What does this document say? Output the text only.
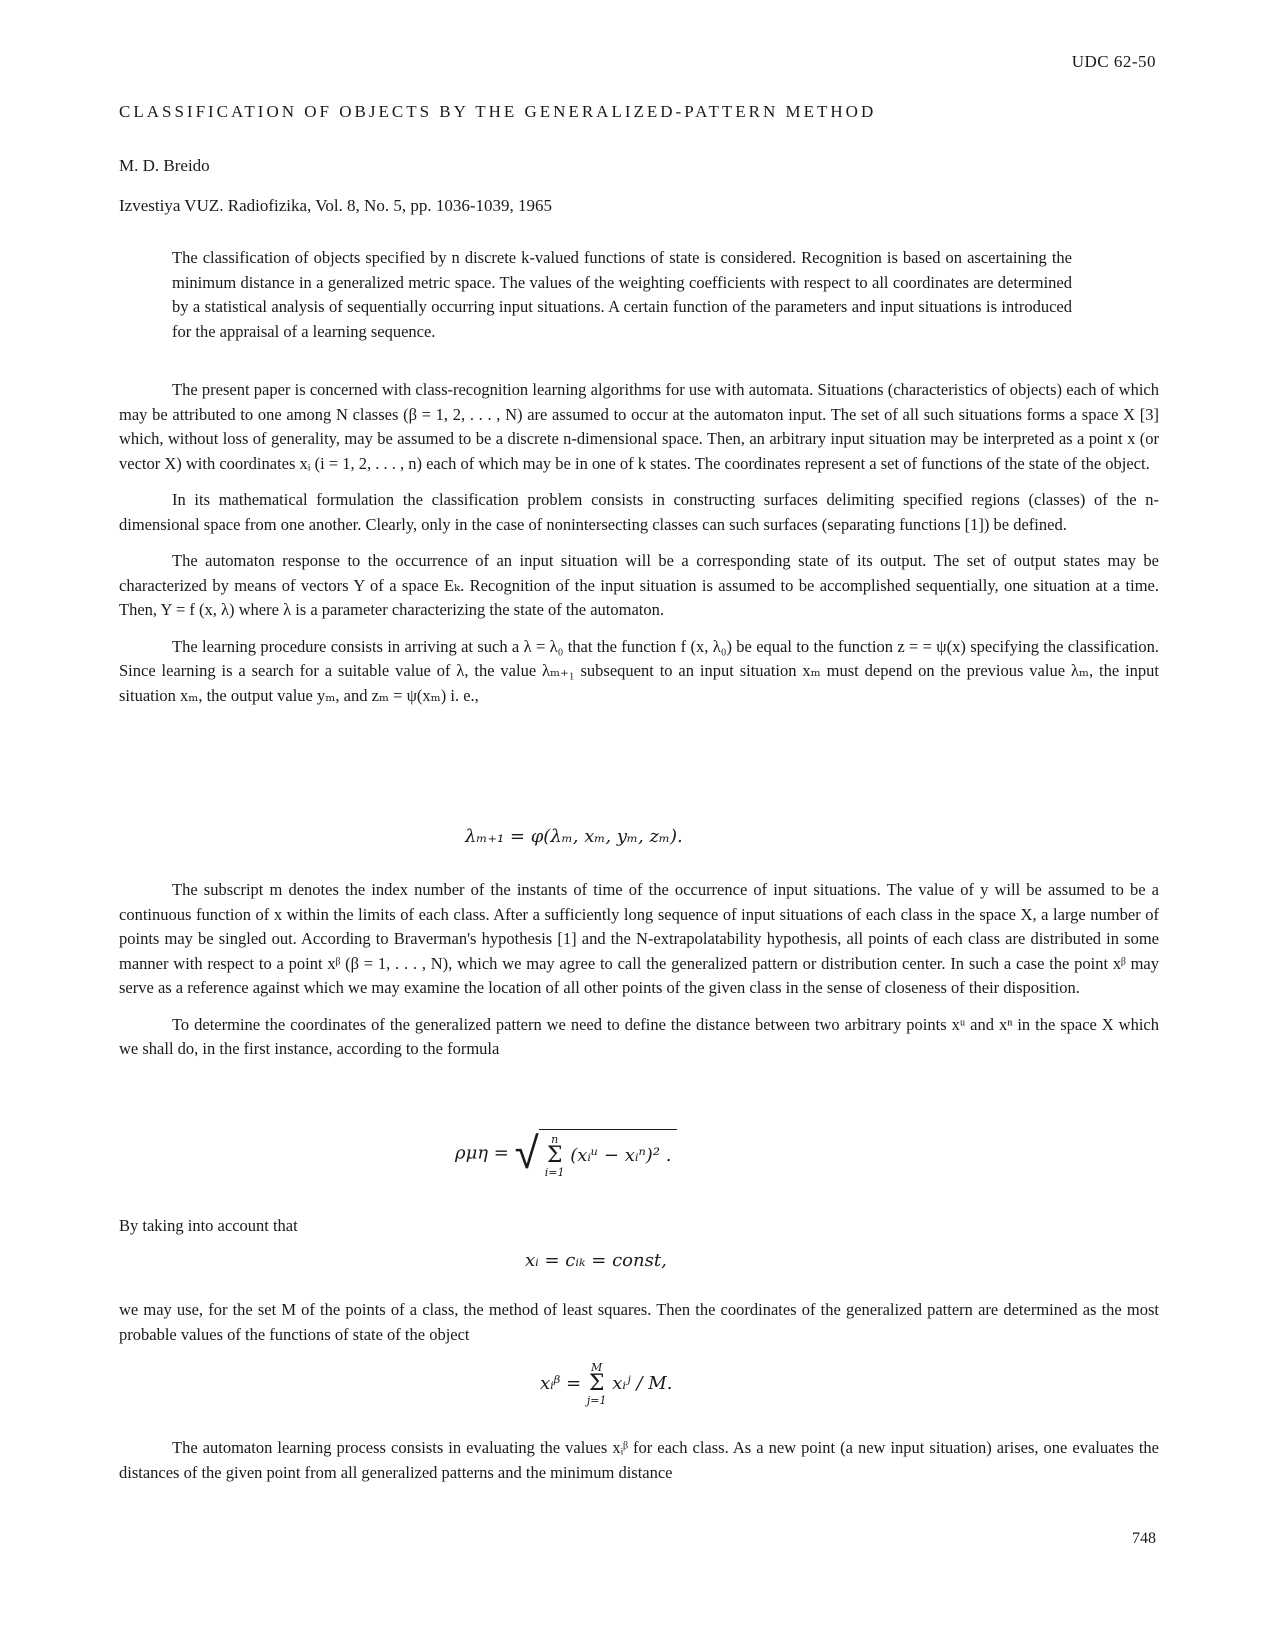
UDC 62-50
CLASSIFICATION OF OBJECTS BY THE GENERALIZED-PATTERN METHOD
M. D. Breido
Izvestiya VUZ. Radiofizika, Vol. 8, No. 5, pp. 1036-1039, 1965
The classification of objects specified by n discrete k-valued functions of state is considered. Recognition is based on ascertaining the minimum distance in a generalized metric space. The values of the weighting coefficients with respect to all coordinates are determined by a statistical analysis of sequentially occurring input situations. A certain function of the parameters and input situations is introduced for the appraisal of a learning sequence.

The present paper is concerned with class-recognition learning algorithms for use with automata. Situations (characteristics of objects) each of which may be attributed to one among N classes (β = 1, 2, . . . , N) are assumed to occur at the automaton input. The set of all such situations forms a space X [3] which, without loss of generality, may be assumed to be a discrete n-dimensional space. Then, an arbitrary input situation may be interpreted as a point x (or vector X) with coordinates xᵢ (i = 1, 2, . . . , n) each of which may be in one of k states. The coordinates represent a set of functions of the state of the object.

In its mathematical formulation the classification problem consists in constructing surfaces delimiting specified regions (classes) of the n-dimensional space from one another. Clearly, only in the case of nonintersecting classes can such surfaces (separating functions [1]) be defined.

The automaton response to the occurrence of an input situation will be a corresponding state of its output. The set of output states may be characterized by means of vectors Y of a space Eₖ. Recognition of the input situation is assumed to be accomplished sequentially, one situation at a time. Then, Y = f (x, λ) where λ is a parameter characterizing the state of the automaton.

The learning procedure consists in arriving at such a λ = λ₀ that the function f (x, λ₀) be equal to the function z = = ψ(x) specifying the classification. Since learning is a search for a suitable value of λ, the value λₘ₊₁ subsequent to an input situation xₘ must depend on the previous value λₘ, the input situation xₘ, the output value yₘ, and zₘ = ψ(xₘ) i. e.,

λₘ₊₁ = φ(λₘ, xₘ, yₘ, zₘ).

The subscript m denotes the index number of the instants of time of the occurrence of input situations. The value of y will be assumed to be a continuous function of x within the limits of each class. After a sufficiently long sequence of input situations of each class in the space X, a large number of points may be singled out. According to Braverman's hypothesis [1] and the N-extrapolatability hypothesis, all points of each class are distributed in some manner with respect to a point xᵝ (β = 1, . . . , N), which we may agree to call the generalized pattern or distribution center. In such a case the point xᵝ may serve as a reference against which we may examine the location of all other points of the given class in the sense of closeness of their disposition.

To determine the coordinates of the generalized pattern we need to define the distance between two arbitrary points xᵘ and xⁿ in the space X which we shall do, in the first instance, according to the formula

ρμη = √ n
Σ
i=1
(xᵢᵘ − xᵢⁿ)² .

By taking into account that

xᵢ = cᵢₖ = const,

we may use, for the set M of the points of a class, the method of least squares. Then the coordinates of the generalized pattern are determined as the most probable values of the functions of state of the object

xᵢᵝ =
M
Σ
j=1
xᵢʲ / M.

The automaton learning process consists in evaluating the values xᵢᵝ for each class. As a new point (a new input situation) arises, one evaluates the distances of the given point from all generalized patterns and the minimum distance

748
